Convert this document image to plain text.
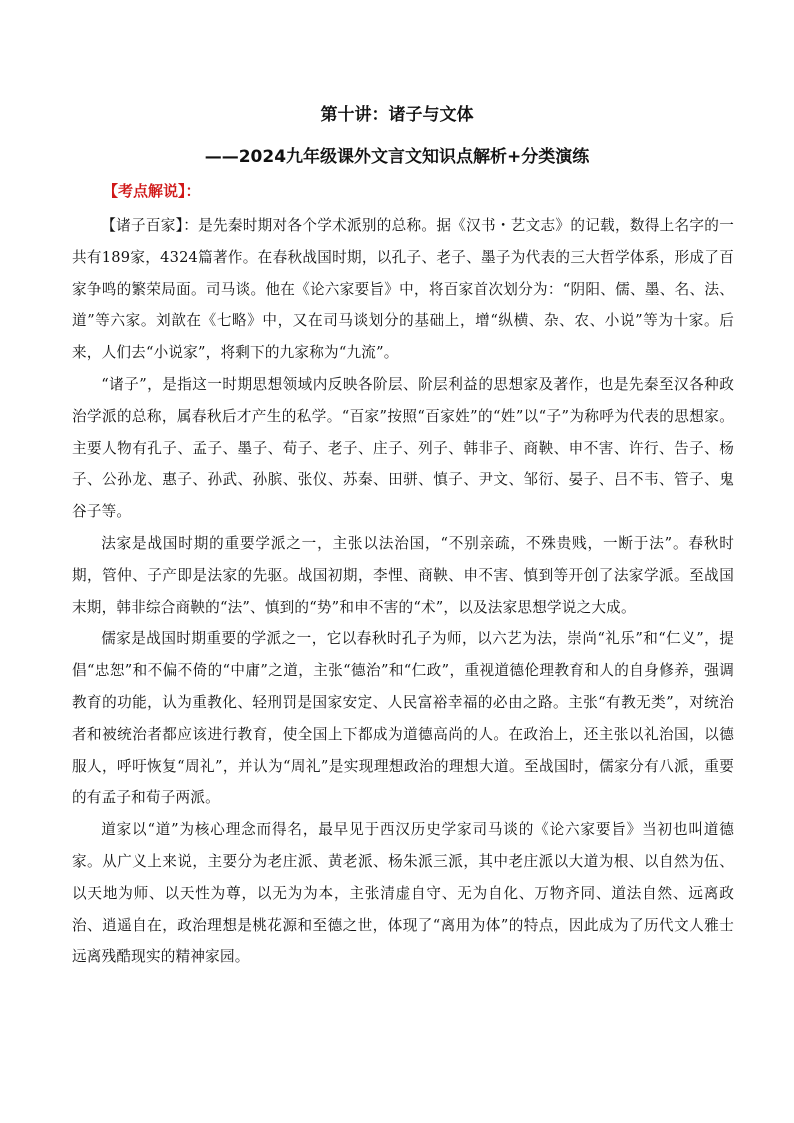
第十讲：诸子与文体
——2024九年级课外文言文知识点解析+分类演练
【考点解说】：

【诸子百家】：是先秦时期对各个学术派别的总称。据《汉书・艺文志》的记载，数得上名字的一共有189家，4324篇著作。在春秋战国时期，以孔子、老子、墨子为代表的三大哲学体系，形成了百家争鸣的繁荣局面。司马谈。他在《论六家要旨》中，将百家首次划分为：“阴阳、儒、墨、名、法、道”等六家。刘歆在《七略》中，又在司马谈划分的基础上，增“纵横、杂、农、小说”等为十家。后来，人们去“小说家”，将剩下的九家称为“九流”。

“诸子”，是指这一时期思想领域内反映各阶层、阶层利益的思想家及著作，也是先秦至汉各种政治学派的总称，属春秋后才产生的私学。“百家”按照“百家姓”的“姓”以“子”为称呼为代表的思想家。主要人物有孔子、孟子、墨子、荀子、老子、庄子、列子、韩非子、商鞅、申不害、许行、告子、杨子、公孙龙、惠子、孙武、孙膑、张仪、苏秦、田骈、慎子、尹文、邹衍、晏子、吕不韦、管子、鬼谷子等。

法家是战国时期的重要学派之一，主张以法治国，“不别亲疏，不殊贵贱，一断于法”。春秋时期，管仲、子产即是法家的先驱。战国初期，李悝、商鞅、申不害、慎到等开创了法家学派。至战国末期，韩非综合商鞅的“法”、慎到的“势”和申不害的“术”，以及法家思想学说之大成。

儒家是战国时期重要的学派之一，它以春秋时孔子为师，以六艺为法，崇尚“礼乐”和“仁义”，提倡“忠恕”和不偏不倚的“中庸”之道，主张“德治”和“仁政”，重视道德伦理教育和人的自身修养，强调教育的功能，认为重教化、轻刑罚是国家安定、人民富裕幸福的必由之路。主张“有教无类”，对统治者和被统治者都应该进行教育，使全国上下都成为道德高尚的人。在政治上，还主张以礼治国，以德服人，呼吁恢复“周礼”，并认为“周礼”是实现理想政治的理想大道。至战国时，儒家分有八派，重要的有孟子和荀子两派。

道家以“道”为核心理念而得名，最早见于西汉历史学家司马谈的《论六家要旨》当初也叫道德家。从广义上来说，主要分为老庄派、黄老派、杨朱派三派，其中老庄派以大道为根、以自然为伍、以天地为师、以天性为尊，以无为为本，主张清虚自守、无为自化、万物齐同、道法自然、远离政治、逍遥自在，政治理想是桃花源和至德之世，体现了“离用为体”的特点，因此成为了历代文人雅士远离残酷现实的精神家园。
